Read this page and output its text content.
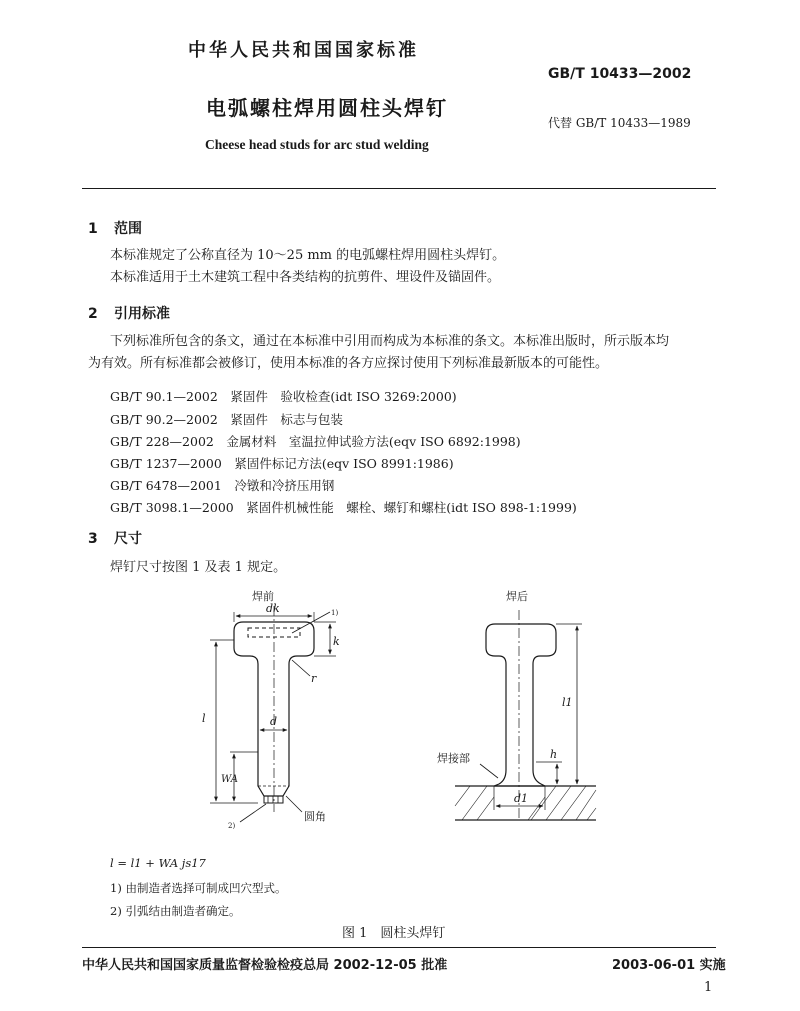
中华人民共和国国家标准
GB/T 10433—2002
电弧螺柱焊用圆柱头焊钉
代替 GB/T 10433—1989
Cheese head studs for arc stud welding
1 范围
本标准规定了公称直径为 10～25 mm 的电弧螺柱焊用圆柱头焊钉。
本标准适用于土木建筑工程中各类结构的抗剪件、埋设件及锚固件。
2 引用标准
下列标准所包含的条文，通过在本标准中引用而构成为本标准的条文。本标准出版时，所示版本均
为有效。所有标准都会被修订，使用本标准的各方应探讨使用下列标准最新版本的可能性。
GB/T 90.1—2002　 紧固件　验收检查(idt ISO 3269:2000)
GB/T 90.2—2002　 紧固件　标志与包装
GB/T 228—2002　 金属材料　室温拉伸试验方法(eqv ISO 6892:1998)
GB/T 1237—2000　 紧固件标记方法(eqv ISO 8991:1986)
GB/T 6478—2001　 冷镦和冷挤压用钢
GB/T 3098.1—2000　 紧固件机械性能　螺栓、螺钉和螺柱(idt ISO 898-1:1999)
3 尺寸
焊钉尺寸按图 1 及表 1 规定。
焊前	焊后
dk	1)
k
r
d
l
WA
2)
圆角
l1
h
d1
焊接部
l = l1 + WA js17
1) 由制造者选择可制成凹穴型式。
2) 引弧结由制造者确定。
图 1　圆柱头焊钉
中华人民共和国国家质量监督检验检疫总局 2002-12-05 批准	2003-06-01 实施
1
